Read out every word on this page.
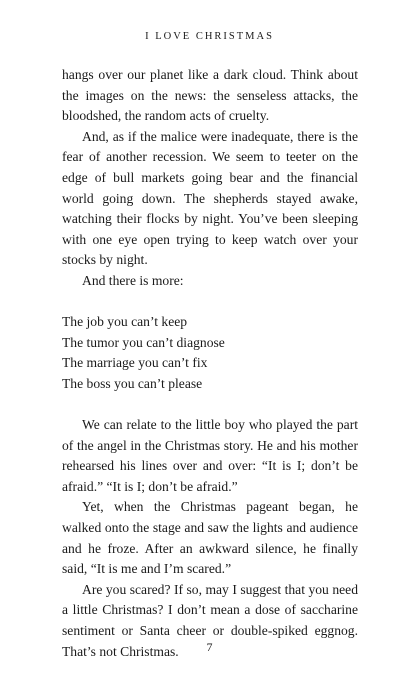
I LOVE CHRISTMAS

hangs over our planet like a dark cloud. Think about the images on the news: the senseless attacks, the bloodshed, the random acts of cruelty.

And, as if the malice were inadequate, there is the fear of another recession. We seem to teeter on the edge of bull markets going bear and the financial world going down. The shepherds stayed awake, watching their flocks by night. You’ve been sleeping with one eye open trying to keep watch over your stocks by night.

And there is more:

The job you can’t keep
The tumor you can’t diagnose
The marriage you can’t fix
The boss you can’t please

We can relate to the little boy who played the part of the angel in the Christmas story. He and his mother rehearsed his lines over and over: “It is I; don’t be afraid.” “It is I; don’t be afraid.”

Yet, when the Christmas pageant began, he walked onto the stage and saw the lights and audience and he froze. After an awkward silence, he finally said, “It is me and I’m scared.”

Are you scared? If so, may I suggest that you need a little Christmas? I don’t mean a dose of saccharine sentiment or Santa cheer or double-spiked eggnog. That’s not Christmas.	7
